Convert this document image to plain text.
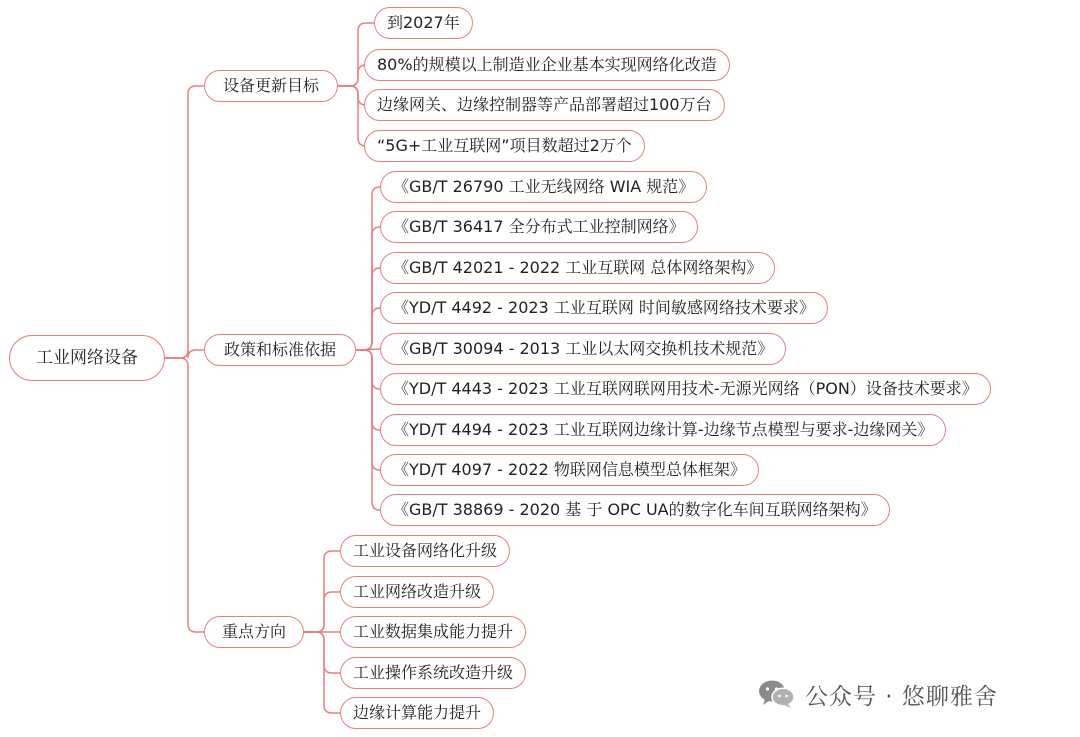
工业网络设备
设备更新目标
到2027年
80%的规模以上制造业企业基本实现网络化改造
边缘网关、边缘控制器等产品部署超过100万台
“5G+工业互联网”项目数超过2万个
政策和标准依据
《GB/T 26790 工业无线网络 WIA 规范》
《GB/T 36417 全分布式工业控制网络》
《GB/T 42021 - 2022 工业互联网 总体网络架构》
《YD/T 4492 - 2023 工业互联网 时间敏感网络技术要求》
《GB/T 30094 - 2013 工业以太网交换机技术规范》
《YD/T 4443 - 2023 工业互联网联网用技术-无源光网络（PON）设备技术要求》
《YD/T 4494 - 2023 工业互联网边缘计算-边缘节点模型与要求-边缘网关》
《YD/T 4097 - 2022 物联网信息模型总体框架》
《GB/T 38869 - 2020 基 于 OPC UA的数字化车间互联网络架构》
重点方向
工业设备网络化升级
工业网络改造升级
工业数据集成能力提升
工业操作系统改造升级
边缘计算能力提升
公众号 · 悠聊雅舍
